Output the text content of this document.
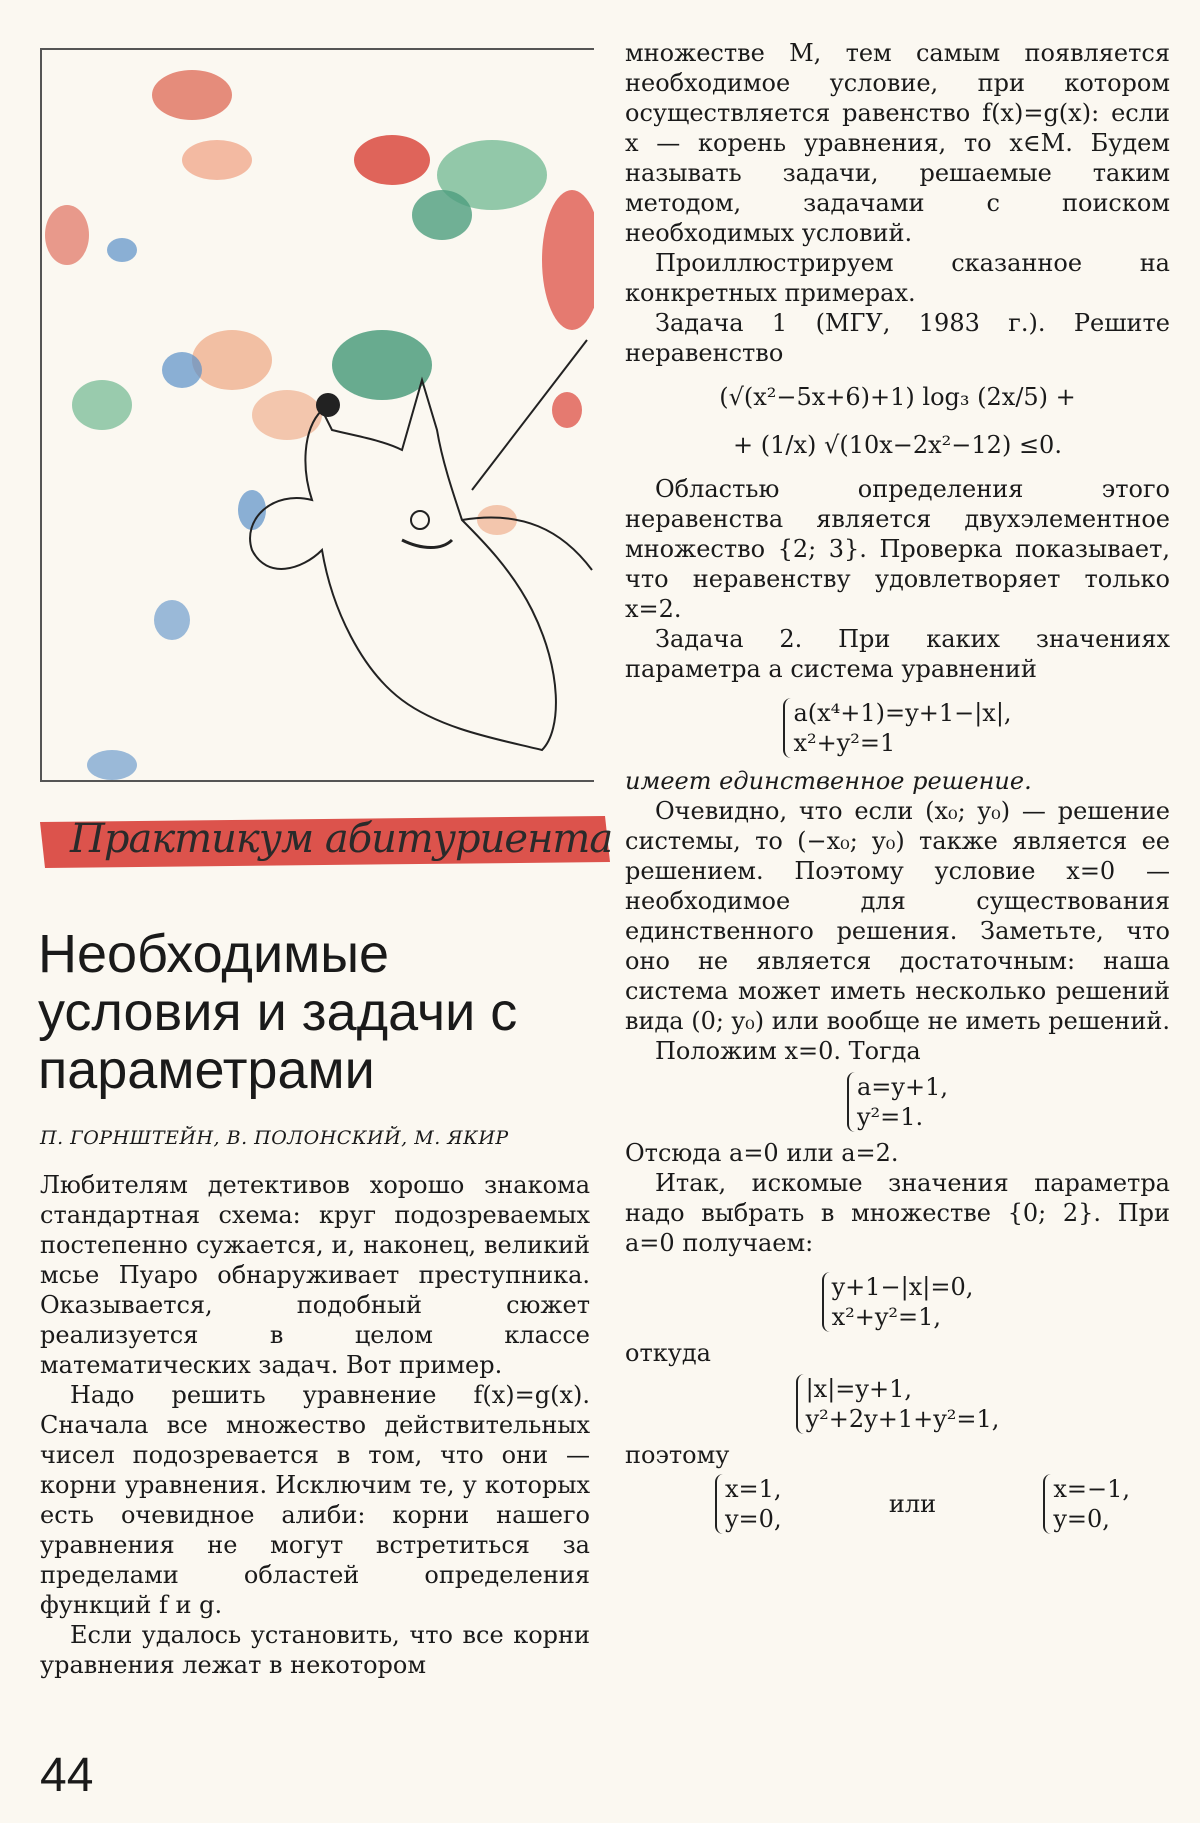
Практикум абитуриента
Необходимые условия и задачи с параметрами
П. ГОРНШТЕЙН, В. ПОЛОНСКИЙ, М. ЯКИР

Любителям детективов хорошо знакома стандартная схема: круг подозреваемых постепенно сужается, и, наконец, великий мсье Пуаро обнаруживает преступника. Оказывается, подобный сюжет реализуется в целом классе математических задач. Вот пример.

Надо решить уравнение f(x)=g(x). Сначала все множество действительных чисел подозревается в том, что они — корни уравнения. Исключим те, у которых есть очевидное алиби: корни нашего уравнения не могут встретиться за пределами областей определения функций f и g.

Если удалось установить, что все корни уравнения лежат в некотором

множестве M, тем самым появляется необходимое условие, при котором осуществляется равенство f(x)=g(x): если x — корень уравнения, то x∈M. Будем называть задачи, решаемые таким методом, задачами с поиском необходимых условий.

Проиллюстрируем сказанное на конкретных примерах.

Задача 1 (МГУ, 1983 г.). Решите неравенство

(√(x²−5x+6)+1) log₃ (2x/5) +
+ (1/x) √(10x−2x²−12) ≤0.

Областью определения этого неравенства является двухэлементное множество {2; 3}. Проверка показывает, что неравенству удовлетворяет только x=2.

Задача 2. При каких значениях параметра a система уравнений

a(x⁴+1)=y+1−|x|,
x²+y²=1

имеет единственное решение.

Очевидно, что если (x₀; y₀) — решение системы, то (−x₀; y₀) также является ее решением. Поэтому условие x=0 — необходимое для существования единственного решения. Заметьте, что оно не является достаточным: наша система может иметь несколько решений вида (0; y₀) или вообще не иметь решений.

Положим x=0. Тогда

a=y+1,
y²=1.

Отсюда a=0 или a=2.

Итак, искомые значения параметра надо выбрать в множестве {0; 2}. При a=0 получаем:

y+1−|x|=0,
x²+y²=1,

откуда

|x|=y+1,
y²+2y+1+y²=1,

поэтому

x=1,
y=0,
или
x=−1,
y=0,
44
